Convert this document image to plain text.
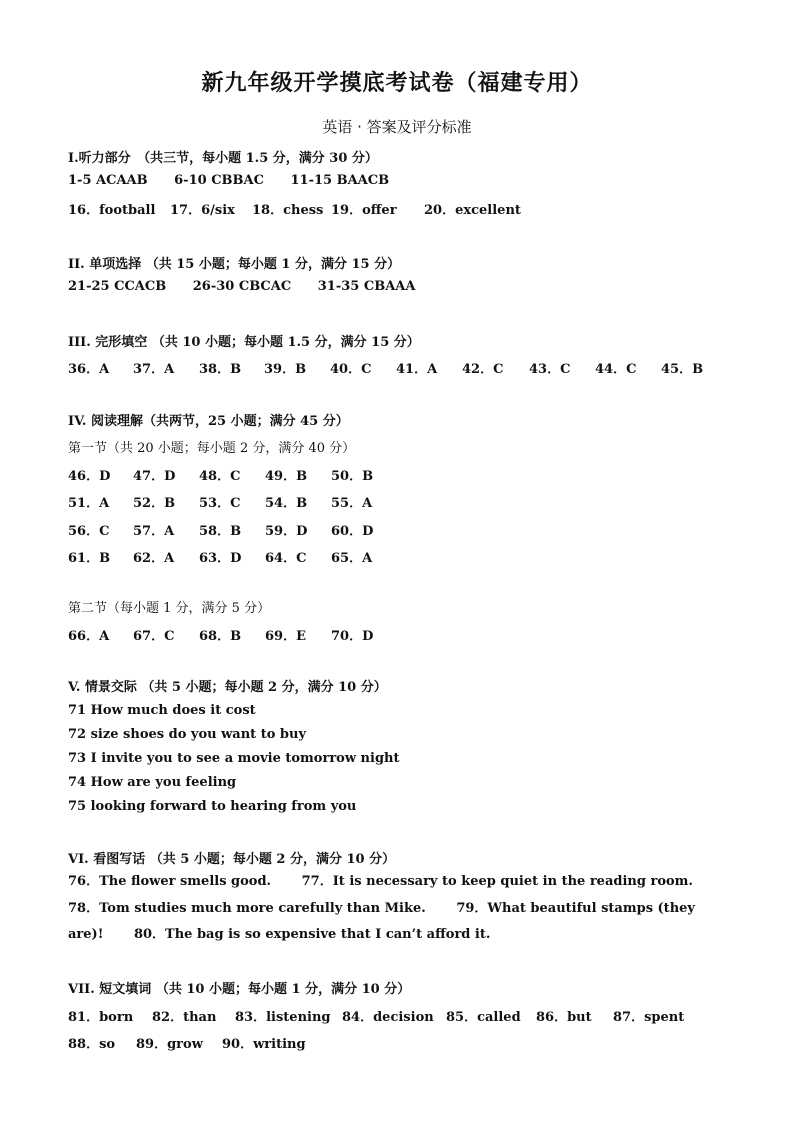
新九年级开学摸底考试卷（福建专用）
英语 · 答案及评分标准
I.听力部分　（共三节，每小题 1.5 分，满分 30 分）
1-5 ACAAB 6-10 CBBAC 11-15 BAACB
16．football 17．6/six 18．chess 19．offer 20．excellent
II. 单项选择 （共 15 小题；每小题 1 分，满分 15 分）
21-25 CCACB 26-30 CBCAC 31-35 CBAAA
III. 完形填空 （共 10 小题；每小题 1.5 分，满分 15 分）
36．A 37．A 38．B 39．B 40．C 41．A 42．C 43．C 44．C 45．B
IV. 阅读理解（共两节，25 小题；满分 45 分）
第一节（共 20 小题；每小题 2 分，满分 40 分）
46．D 47．D 48．C 49．B 50．B
51．A 52．B 53．C 54．B 55．A
56．C 57．A 58．B 59．D 60．D
61．B 62．A 63．D 64．C 65．A
第二节（每小题 1 分，满分 5 分）
66．A 67．C 68．B 69．E 70．D
V. 情景交际 （共 5 小题；每小题 2 分，满分 10 分）
71 How much does it cost
72 size shoes do you want to buy
73 I invite you to see a movie tomorrow night
74 How are you feeling
75 looking forward to hearing from you
VI. 看图写话 （共 5 小题；每小题 2 分，满分 10 分）
76．The flower smells good. 77．It is necessary to keep quiet in the reading room. 78．Tom studies much more carefully than Mike. 79．What beautiful stamps (they are)! 80．The bag is so expensive that I can’t afford it.
VII. 短文填词 （共 10 小题；每小题 1 分，满分 10 分）
81．born 82．than 83．listening 84．decision 85．called 86．but 87．spent
88．so 89．grow 90．writing
